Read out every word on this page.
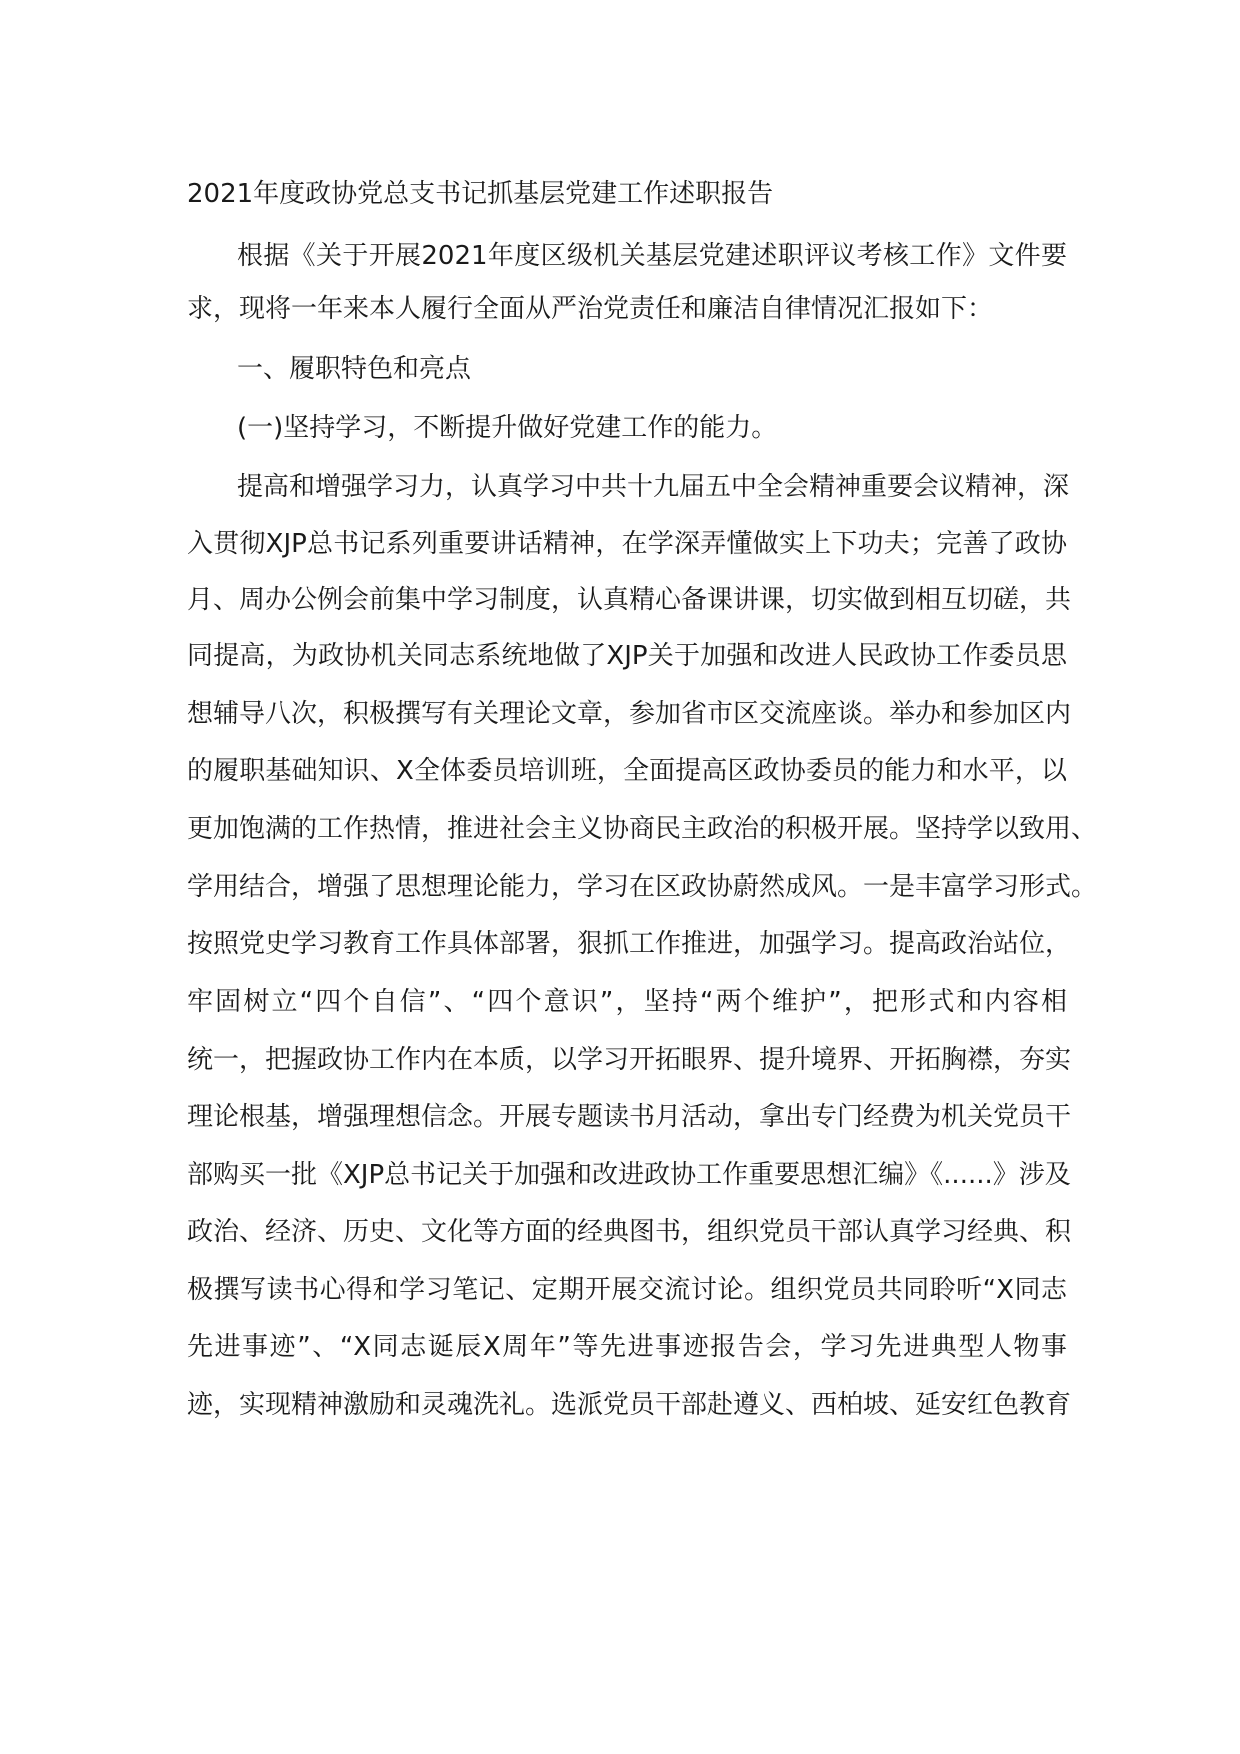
2021年度政协党总支书记抓基层党建工作述职报告
根据《关于开展2021年度区级机关基层党建述职评议考核工作》文件要
求，现将一年来本人履行全面从严治党责任和廉洁自律情况汇报如下：
一、履职特色和亮点
(一)坚持学习，不断提升做好党建工作的能力。
提高和增强学习力，认真学习中共十九届五中全会精神重要会议精神，深
入贯彻XJP总书记系列重要讲话精神，在学深弄懂做实上下功夫；完善了政协
月、周办公例会前集中学习制度，认真精心备课讲课，切实做到相互切磋，共
同提高，为政协机关同志系统地做了XJP关于加强和改进人民政协工作委员思
想辅导八次，积极撰写有关理论文章，参加省市区交流座谈。举办和参加区内
的履职基础知识、X全体委员培训班，全面提高区政协委员的能力和水平，以
更加饱满的工作热情，推进社会主义协商民主政治的积极开展。坚持学以致用、
学用结合，增强了思想理论能力，学习在区政协蔚然成风。一是丰富学习形式。
按照党史学习教育工作具体部署，狠抓工作推进，加强学习。提高政治站位，
牢固树立“四个自信”、“四个意识”，坚持“两个维护”，把形式和内容相
统一，把握政协工作内在本质，以学习开拓眼界、提升境界、开拓胸襟，夯实
理论根基，增强理想信念。开展专题读书月活动，拿出专门经费为机关党员干
部购买一批《XJP总书记关于加强和改进政协工作重要思想汇编》《......》涉及
政治、经济、历史、文化等方面的经典图书，组织党员干部认真学习经典、积
极撰写读书心得和学习笔记、定期开展交流讨论。组织党员共同聆听“X同志
先进事迹”、“X同志诞辰X周年”等先进事迹报告会，学习先进典型人物事
迹，实现精神激励和灵魂洗礼。选派党员干部赴遵义、西柏坡、延安红色教育
